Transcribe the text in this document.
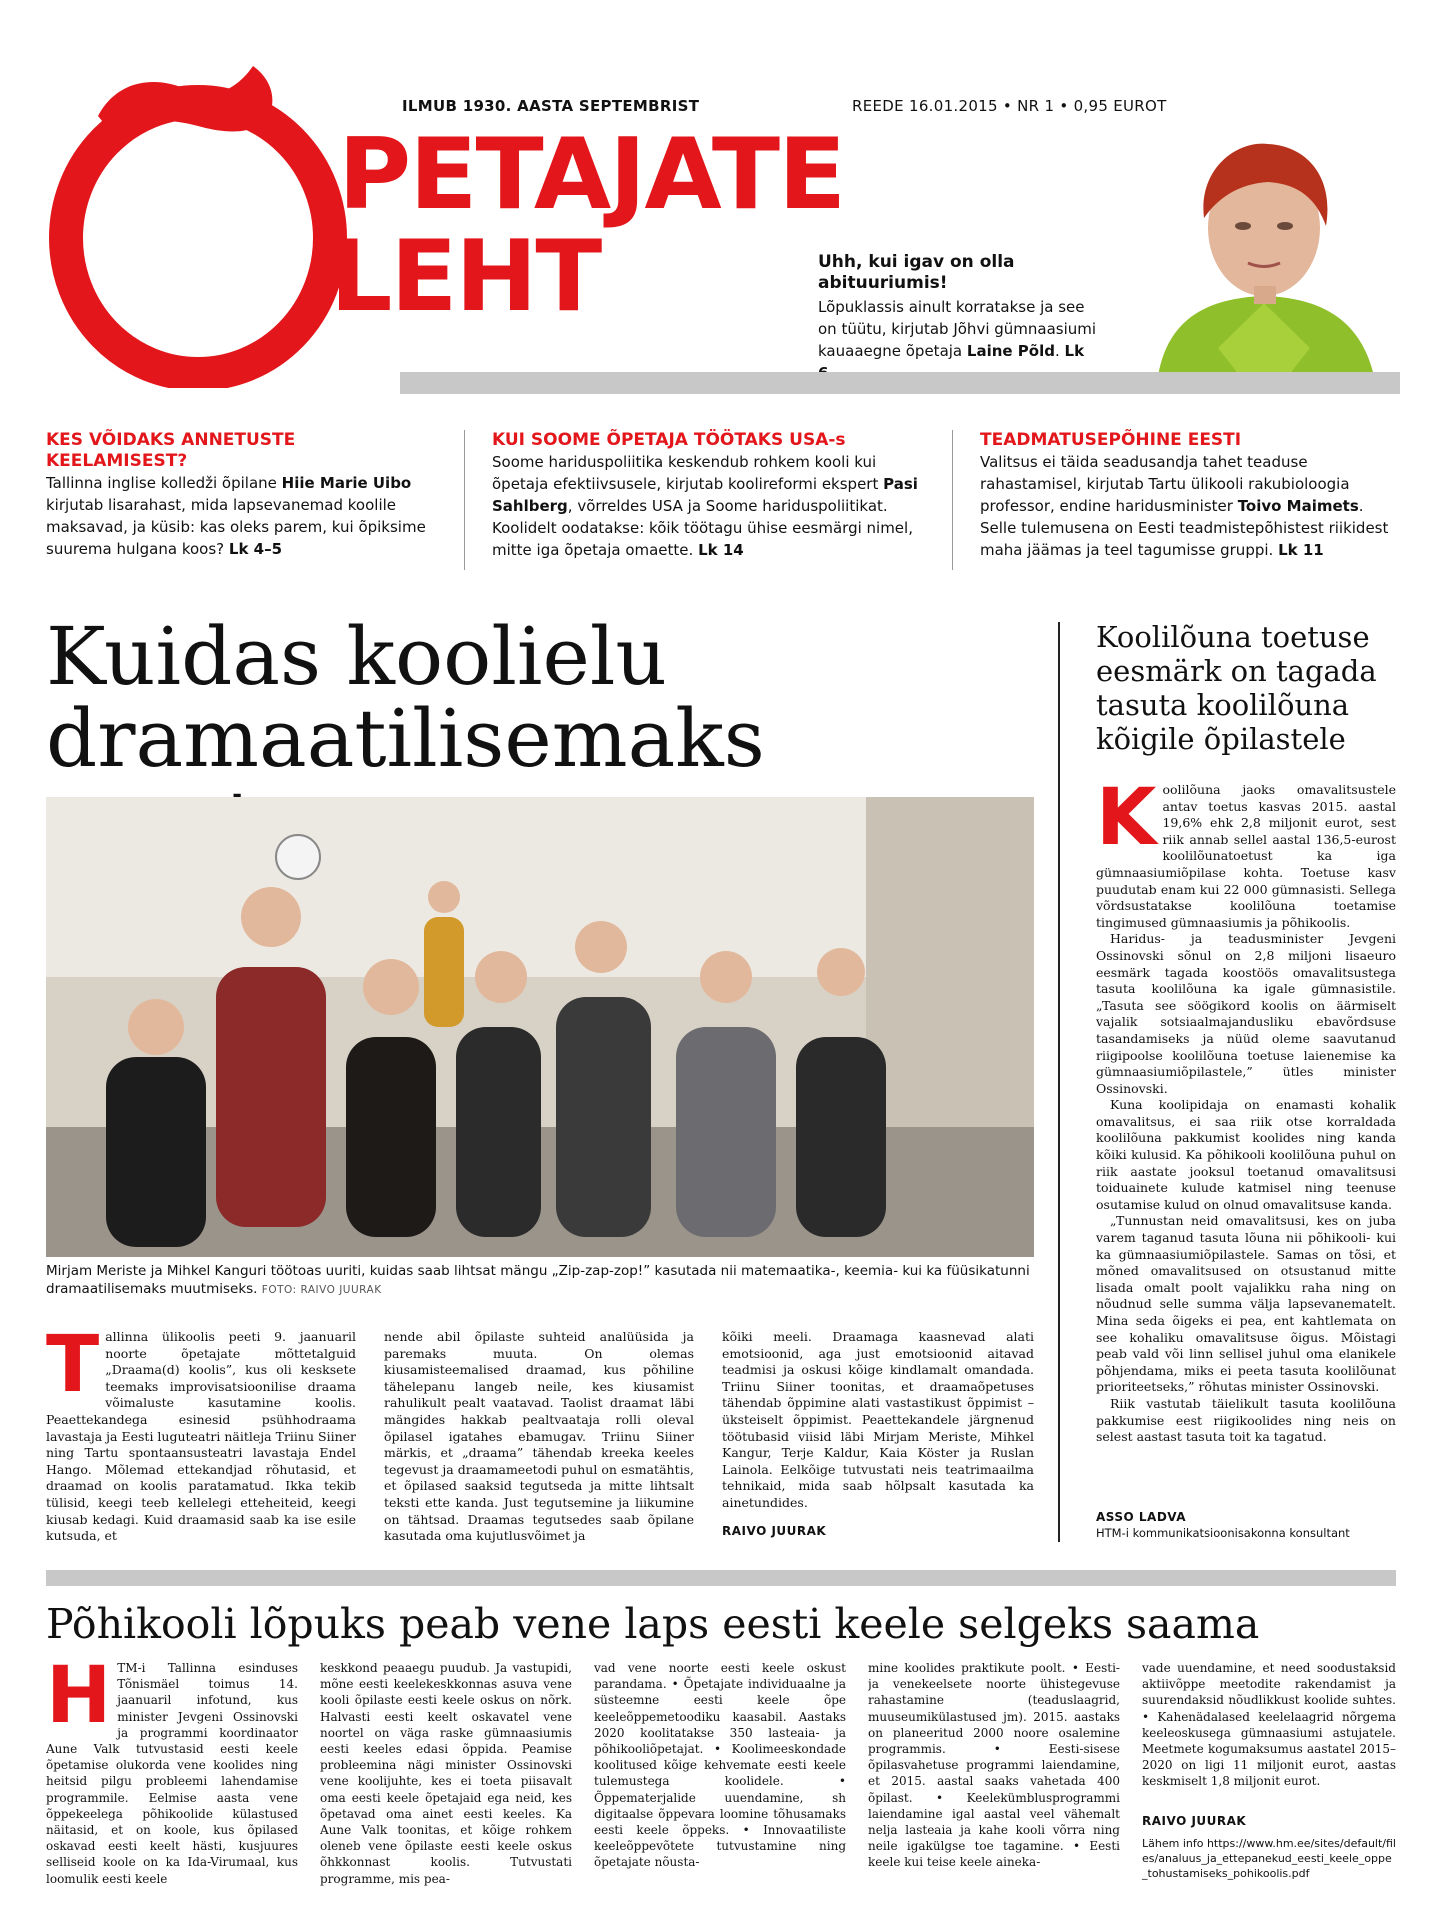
PETAJATE
LEHT
ILMUB 1930. AASTA SEPTEMBRIST	REEDE 16.01.2015 • NR 1 • 0,95 EUROT
Uhh, kui igav on olla abituuriumis!
Lõpuklassis ainult korratakse ja see on tüütu, kirjutab Jõhvi gümnaasiumi kauaaegne õpetaja Laine Põld. Lk

KES VÕIDAKS ANNETUSTE KEELAMISEST?

Tallinna inglise kolledži õpilane Hiie Marie Uibo kirjutab lisarahast, mida lapsevanemad koolile maksavad, ja küsib: kas oleks parem, kui õpiksime suurema hulgana koos? Lk 4–5

KUI SOOME ÕPETAJA TÖÖTAKS USA-s

Soome hariduspoliitika keskendub rohkem kooli kui õpetaja efektiivsusele, kirjutab koolireformi ekspert Pasi Sahlberg, võrreldes USA ja Soome hariduspoliitikat. Koolidelt oodatakse: kõik töötagu ühise eesmärgi nimel, mitte iga õpetaja omaette. Lk 14

TEADMATUSEPÕHINE EESTI

Valitsus ei täida seadusandja tahet teaduse rahastamisel, kirjutab Tartu ülikooli rakubioloogia professor, endine haridusminister Toivo Maimets. Selle tulemusena on Eesti teadmistepõhistest riikidest maha jäämas ja teel tagumisse gruppi. Lk 11

Kuidas koolielu
dramaatilisemaks
Mirjam Meriste ja Mihkel Kanguri töötoas uuriti, kuidas saab lihtsat mängu „Zip-zap-zop!” kasutada nii matemaatika-, keemia- kui ka füüsikatunni dramaatilisemaks muutmiseks. FOTO: RAIVO JUURAK
T allinna ülikoolis peeti 9. jaanuaril noorte õpetajate mõttetalguid „Draama(d) koolis”, kus oli kesksete teemaks improvisatsioonilise draama võimaluste kasutamine koolis. Peaettekandega esinesid psühhodraama lavastaja ja Eesti luguteatri näitleja Triinu Siiner ning Tartu spontaansusteatri lavastaja Endel Hango. Mõlemad ettekandjad rõhutasid, et draamad on koolis paratamatud. Ikka tekib tülisid, keegi teeb kellelegi etteheiteid, keegi kiusab kedagi. Kuid draamasid saab ka ise esile kutsuda, et
nende abil õpilaste suhteid analüüsida ja paremaks muuta. On olemas kiusamisteemalised draamad, kus põhiline tähelepanu langeb neile, kes kiusamist rahulikult pealt vaatavad. Taolist draamat läbi mängides hakkab pealtvaataja rolli oleval õpilasel igatahes ebamugav. Triinu Siiner märkis, et „draama” tähendab kreeka keeles tegevust ja draamameetodi puhul on esmatähtis, et õpilased saaksid tegutseda ja mitte lihtsalt teksti ette kanda. Just tegutsemine ja liikumine on tähtsad. Draamas tegutsedes saab õpilane kasutada oma kujutlusvõimet ja
kõiki meeli. Draamaga kaasnevad alati emotsioonid, aga just emotsioonid aitavad teadmisi ja oskusi kõige kindlamalt omandada. Triinu Siiner toonitas, et draamaõpetuses tähendab õppimine alati vastastikust õppimist – üksteiselt õppimist. Peaettekandele järgnenud töötubasid viisid läbi Mirjam Meriste, Mihkel Kangur, Terje Kaldur, Kaia Köster ja Ruslan Lainola. Eelkõige tutvustati neis teatrimaailma tehnikaid, mida saab hõlpsalt kasutada ka ainetundides.
RAIVO JUURAK
Koolilõuna toetuse eesmärk on tagada tasuta koolilõuna kõigile õpilastele
K oolilõuna jaoks omavalitsustele antav toetus kasvas 2015. aastal 19,6% ehk 2,8 miljonit eurot, sest riik annab sellel aastal 136,5-eurost koolilõunatoetust ka iga gümnaasiumiõpilase kohta. Toetuse kasv puudutab enam kui 22 000 gümnasisti. Sellega võrdsustatakse koolilõuna toetamise tingimused gümnaasiumis ja põhikoolis.

Haridus- ja teadusminister Jevgeni Ossinovski sõnul on 2,8 miljoni lisaeuro eesmärk tagada koostöös omavalitsustega tasuta koolilõuna ka igale gümnasistile. „Tasuta see söögikord koolis on äärmiselt vajalik sotsiaalmajandusliku ebavõrdsuse tasandamiseks ja nüüd oleme saavutanud riigipoolse koolilõuna toetuse laienemise ka gümnaasiumiõpilastele,” ütles minister Ossinovski.

Kuna koolipidaja on enamasti kohalik omavalitsus, ei saa riik otse korraldada koolilõuna pakkumist koolides ning kanda kõiki kulusid. Ka põhikooli koolilõuna puhul on riik aastate jooksul toetanud omavalitsusi toiduainete kulude katmisel ning teenuse osutamise kulud on olnud omavalitsuse kanda.

„Tunnustan neid omavalitsusi, kes on juba varem taganud tasuta lõuna nii põhikooli- kui ka gümnaasiumiõpilastele. Samas on tõsi, et mõned omavalitsused on otsustanud mitte lisada omalt poolt vajalikku raha ning on nõudnud selle summa välja lapsevanematelt. Mina seda õigeks ei pea, ent kahtlemata on see kohaliku omavalitsuse õigus. Mõistagi peab vald või linn sellisel juhul oma elanikele põhjendama, miks ei peeta tasuta koolilõunat prioriteetseks,” rõhutas minister Ossinovski.

Riik vastutab täielikult tasuta koolilõuna pakkumise eest riigikoolides ning neis on selest aastast tasuta toit ka tagatud.

ASSO LADVA
HTM-i kommunikatsioonisakonna konsultant
Põhikooli lõpuks peab vene laps eesti keele selgeks saama
H TM-i Tallinna esinduses Tõnismäel toimus 14. jaanuaril infotund, kus minister Jevgeni Ossinovski ja programmi koordinaator Aune Valk tutvustasid eesti keele õpetamise olukorda vene koolides ning heitsid pilgu probleemi lahendamise programmile. Eelmise aasta vene õppekeelega põhikoolide külastused näitasid, et on koole, kus õpilased oskavad eesti keelt hästi, kusjuures selliseid koole on ka Ida-Virumaal, kus loomulik eesti keele
keskkond peaaegu puudub. Ja vastupidi, mõne eesti keelekeskkonnas asuva vene kooli õpilaste eesti keele oskus on nõrk. Halvasti eesti keelt oskavatel vene noortel on väga raske gümnaasiumis eesti keeles edasi õppida. Peamise probleemina nägi minister Ossinovski vene koolijuhte, kes ei toeta piisavalt oma eesti keele õpetajaid ega neid, kes õpetavad oma ainet eesti keeles. Ka Aune Valk toonitas, et kõige rohkem oleneb vene õpilaste eesti keele oskus õhkkonnast koolis. Tutvustati programme, mis pea-
vad vene noorte eesti keele oskust parandama. • Õpetajate individuaalne ja süsteemne eesti keele õpe keeleõppemetoodiku kaasabil. Aastaks 2020 koolitatakse 350 lasteaia- ja põhikooliõpetajat. • Koolimeeskondade koolitused kõige kehvemate eesti keele tulemustega koolidele. • Õppematerjalide uuendamine, sh digitaalse õppevara loomine tõhusamaks eesti keele õppeks. • Innovaatiliste keeleõppevõtete tutvustamine ning õpetajate nõusta-
mine koolides praktikute poolt. • Eesti- ja venekeelsete noorte ühistegevuse rahastamine (teaduslaagrid, muuseumikülastused jm). 2015. aastaks on planeeritud 2000 noore osalemine programmis. • Eesti-sisese õpilasvahetuse programmi laiendamine, et 2015. aastal saaks vahetada 400 õpilast. • Keelekümblusprogrammi laiendamine igal aastal veel vähemalt nelja lasteaia ja kahe kooli võrra ning neile igakülgse toe tagamine. • Eesti keele kui teise keele aineka-
vade uuendamine, et need soodustaksid aktiivõppe meetodite rakendamist ja suurendaksid nõudlikkust koolide suhtes. • Kahenädalased keelelaagrid nõrgema keeleoskusega gümnaasiumi astujatele. Meetmete kogumaksumus aastatel 2015–2020 on ligi 11 miljonit eurot, aastas keskmiselt 1,8 miljonit eurot.
RAIVO JUURAK
Lähem info https://www.hm.ee/sites/default/files/analuus_ja_ettepanekud_eesti_keele_oppe_tohustamiseks_pohikoolis.pdf
